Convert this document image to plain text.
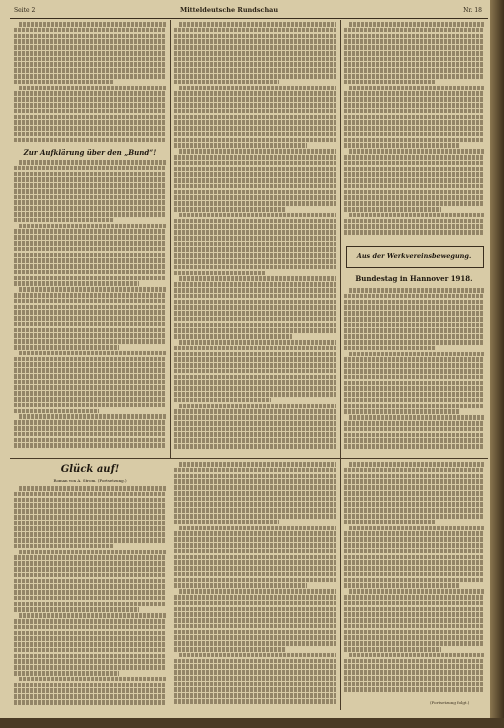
Seite 2	Mitteldeutsche Rundschau	Nr. 18
Zur Aufklärung über den „Bund“!
Aus der Werkvereinsbewegung.
Bundestag in Hannover 1918.
Glück auf!
Roman von A. Strom. (Fortsetzung.)
(Fortsetzung folgt.)
